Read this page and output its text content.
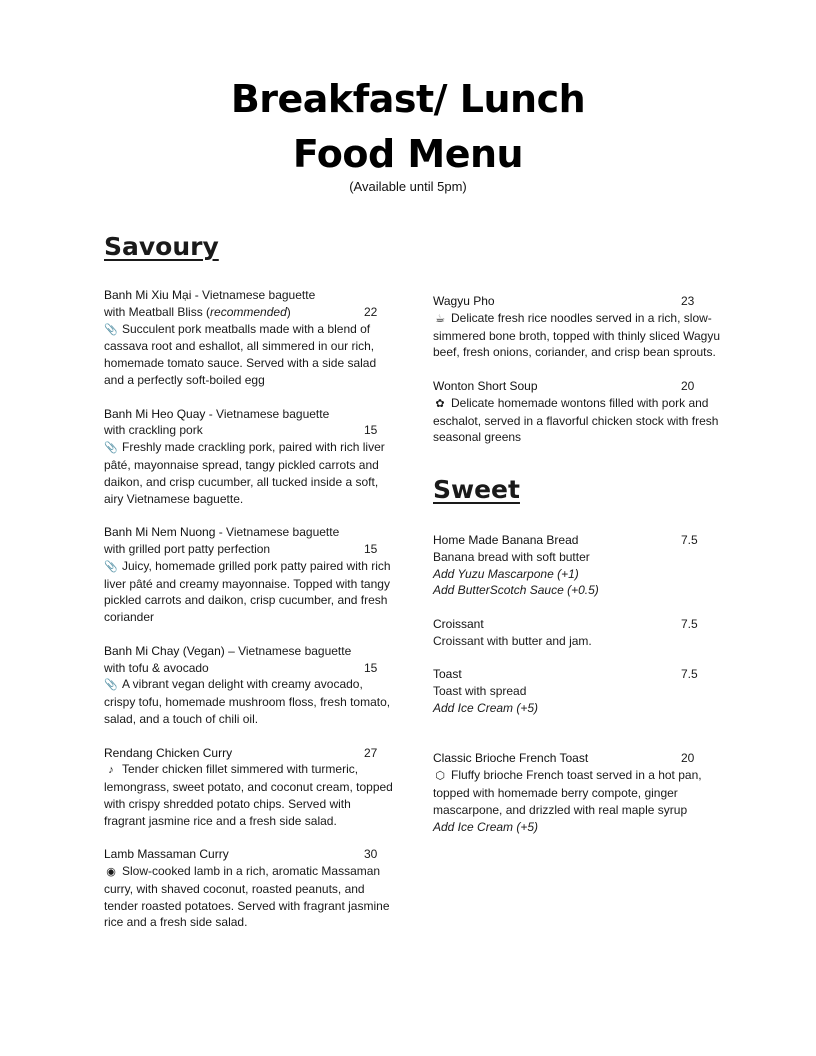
Breakfast/ Lunch
Food Menu
(Available until 5pm)
Savoury
Banh Mi Xiu Mại - Vietnamese baguette
with Meatball Bliss (recommended)	22
📎 Succulent pork meatballs made with a blend of cassava root and eshallot, all simmered in our rich, homemade tomato sauce. Served with a side salad and a perfectly soft-boiled egg
Banh Mi Heo Quay - Vietnamese baguette
with crackling pork	15
📎 Freshly made crackling pork, paired with rich liver pâté, mayonnaise spread, tangy pickled carrots and daikon, and crisp cucumber, all tucked inside a soft, airy Vietnamese baguette.
Banh Mi Nem Nuong - Vietnamese baguette
with grilled port patty perfection	15
📎 Juicy, homemade grilled pork patty paired with rich liver pâté and creamy mayonnaise. Topped with tangy pickled carrots and daikon, crisp cucumber, and fresh coriander
Banh Mi Chay (Vegan) – Vietnamese baguette
with tofu & avocado	15
📎 A vibrant vegan delight with creamy avocado, crispy tofu, homemade mushroom floss, fresh tomato, salad, and a touch of chili oil.
Rendang Chicken Curry	27
♪ Tender chicken fillet simmered with turmeric, lemongrass, sweet potato, and coconut cream, topped with crispy shredded potato chips. Served with fragrant jasmine rice and a fresh side salad.
Lamb Massaman Curry	30
◉ Slow-cooked lamb in a rich, aromatic Massaman curry, with shaved coconut, roasted peanuts, and tender roasted potatoes. Served with fragrant jasmine rice and a fresh side salad.
Wagyu Pho	23
☕ Delicate fresh rice noodles served in a rich, slow-simmered bone broth, topped with thinly sliced Wagyu beef, fresh onions, coriander, and crisp bean sprouts.
Wonton Short Soup	20
✿ Delicate homemade wontons filled with pork and eschalot, served in a flavorful chicken stock with fresh seasonal greens
Sweet
Home Made Banana Bread	7.5
Banana bread with soft butter
Add Yuzu Mascarpone (+1)
Add ButterScotch Sauce (+0.5)
Croissant	7.5
Croissant with butter and jam.
Toast	7.5
Toast with spread
Add Ice Cream (+5)
Classic Brioche French Toast	20
⬡ Fluffy brioche French toast served in a hot pan, topped with homemade berry compote, ginger mascarpone, and drizzled with real maple syrup
Add Ice Cream (+5)
